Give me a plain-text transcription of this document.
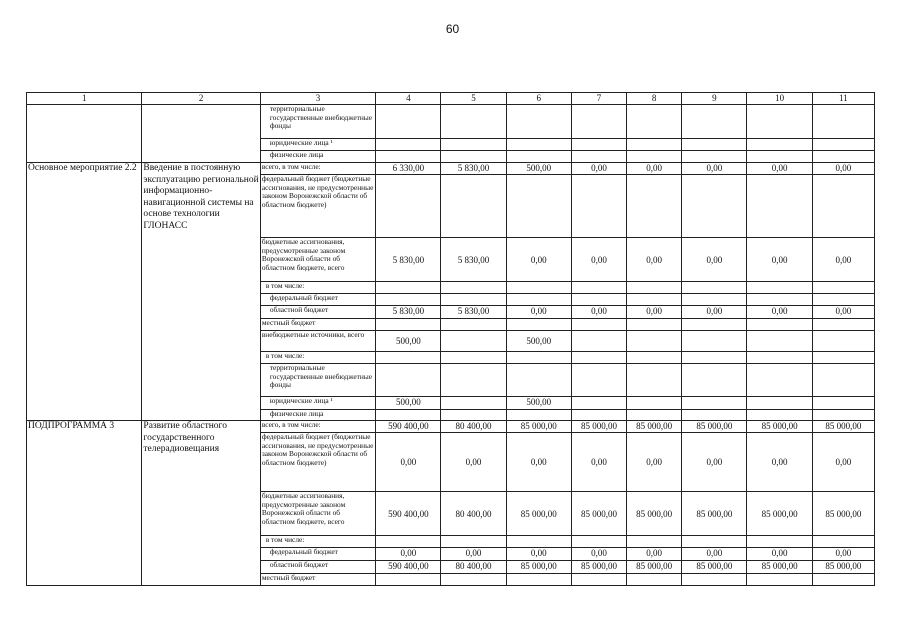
60
1	2	3	4	5	6	7	8	9	10	11
		территориальные государственные внебюджетные фонды								
		юридические лица ¹								
		физические лица								
Основное мероприятие 2.2	Введение в постоянную эксплуатацию региональной информационно-навигационной системы на основе технологии ГЛОНАСС	всего, в том числе:	6 330,00	5 830,00	500,00	0,00	0,00	0,00	0,00	0,00
		федеральный бюджет (бюджетные ассигнования, не предусмотренные законом Воронежской области об областном бюджете)								
		бюджетные ассигнования, предусмотренные законом Воронежской области об областном бюджете, всего	5 830,00	5 830,00	0,00	0,00	0,00	0,00	0,00	0,00
		в том числе:								
		федеральный бюджет								
		областной бюджет	5 830,00	5 830,00	0,00	0,00	0,00	0,00	0,00	0,00
		местный бюджет								
		внебюджетные источники, всего	500,00		500,00					
		в том числе:								
		территориальные государственные внебюджетные фонды								
		юридические лица ¹	500,00		500,00					
		физические лица								
ПОДПРОГРАММА 3	Развитие областного государственного телерадиовещания	всего, в том числе:	590 400,00	80 400,00	85 000,00	85 000,00	85 000,00	85 000,00	85 000,00	85 000,00
		федеральный бюджет (бюджетные ассигнования, не предусмотренные законом Воронежской области об областном бюджете)	0,00	0,00	0,00	0,00	0,00	0,00	0,00	0,00
		бюджетные ассигнования, предусмотренные законом Воронежской области об областном бюджете, всего	590 400,00	80 400,00	85 000,00	85 000,00	85 000,00	85 000,00	85 000,00	85 000,00
		в том числе:								
		федеральный бюджет	0,00	0,00	0,00	0,00	0,00	0,00	0,00	0,00
		областной бюджет	590 400,00	80 400,00	85 000,00	85 000,00	85 000,00	85 000,00	85 000,00	85 000,00
		местный бюджет								
